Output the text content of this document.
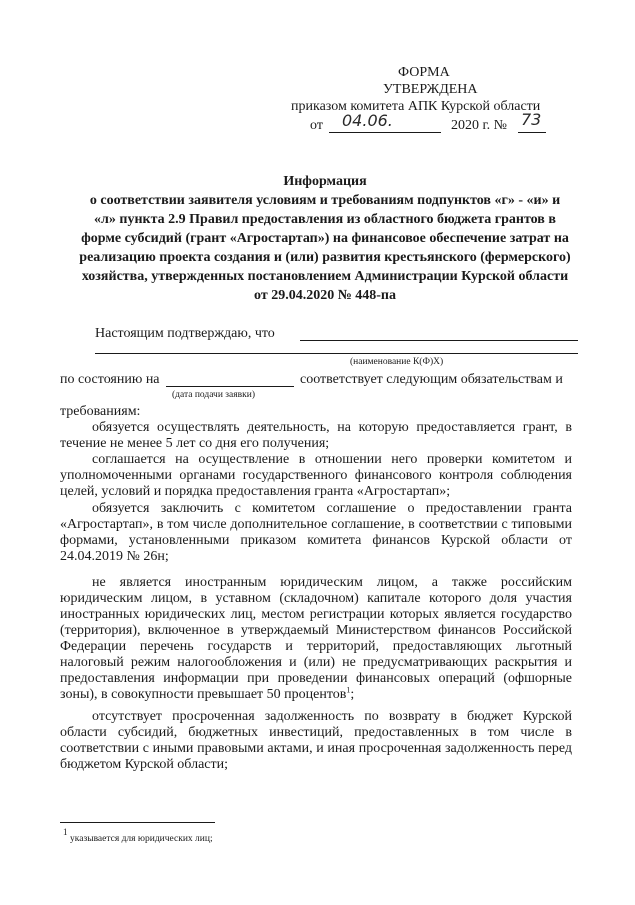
ФОРМА
УТВЕРЖДЕНА
приказом комитета АПК Курской области
от 04.06.	2020 г. № 73
Информация
о соответствии заявителя условиям и требованиям подпунктов «г» - «и» и
«л» пункта 2.9 Правил предоставления из областного бюджета грантов в
форме субсидий (грант «Агростартап») на финансовое обеспечение затрат на
реализацию проекта создания и (или) развития крестьянского (фермерского)
хозяйства, утвержденных постановлением Администрации Курской области
от 29.04.2020 № 448-па
Настоящим подтверждаю, что
(наименование К(Ф)Х)
по состоянию на	соответствует следующим обязательствам и
(дата подачи заявки)
требованиям:
обязуется осуществлять деятельность, на которую предоставляется грант, в течение не менее 5 лет со дня его получения;
соглашается на осуществление в отношении него проверки комитетом и уполномоченными органами государственного финансового контроля соблюдения целей, условий и порядка предоставления гранта «Агростартап»;
обязуется заключить с комитетом соглашение о предоставлении гранта «Агростартап», в том числе дополнительное соглашение, в соответствии с типовыми формами, установленными приказом комитета финансов Курской области от 24.04.2019 № 26н;
не является иностранным юридическим лицом, а также российским юридическим лицом, в уставном (складочном) капитале которого доля участия иностранных юридических лиц, местом регистрации которых является государство (территория), включенное в утверждаемый Министерством финансов Российской Федерации перечень государств и территорий, предоставляющих льготный налоговый режим налогообложения и (или) не предусматривающих раскрытия и предоставления информации при проведении финансовых операций (офшорные зоны), в совокупности превышает 50 процентов$^1$;
отсутствует просроченная задолженность по возврату в бюджет Курской области субсидий, бюджетных инвестиций, предоставленных в том числе в соответствии с иными правовыми актами, и иная просроченная задолженность перед бюджетом Курской области;
1
указывается для юридических лиц;
